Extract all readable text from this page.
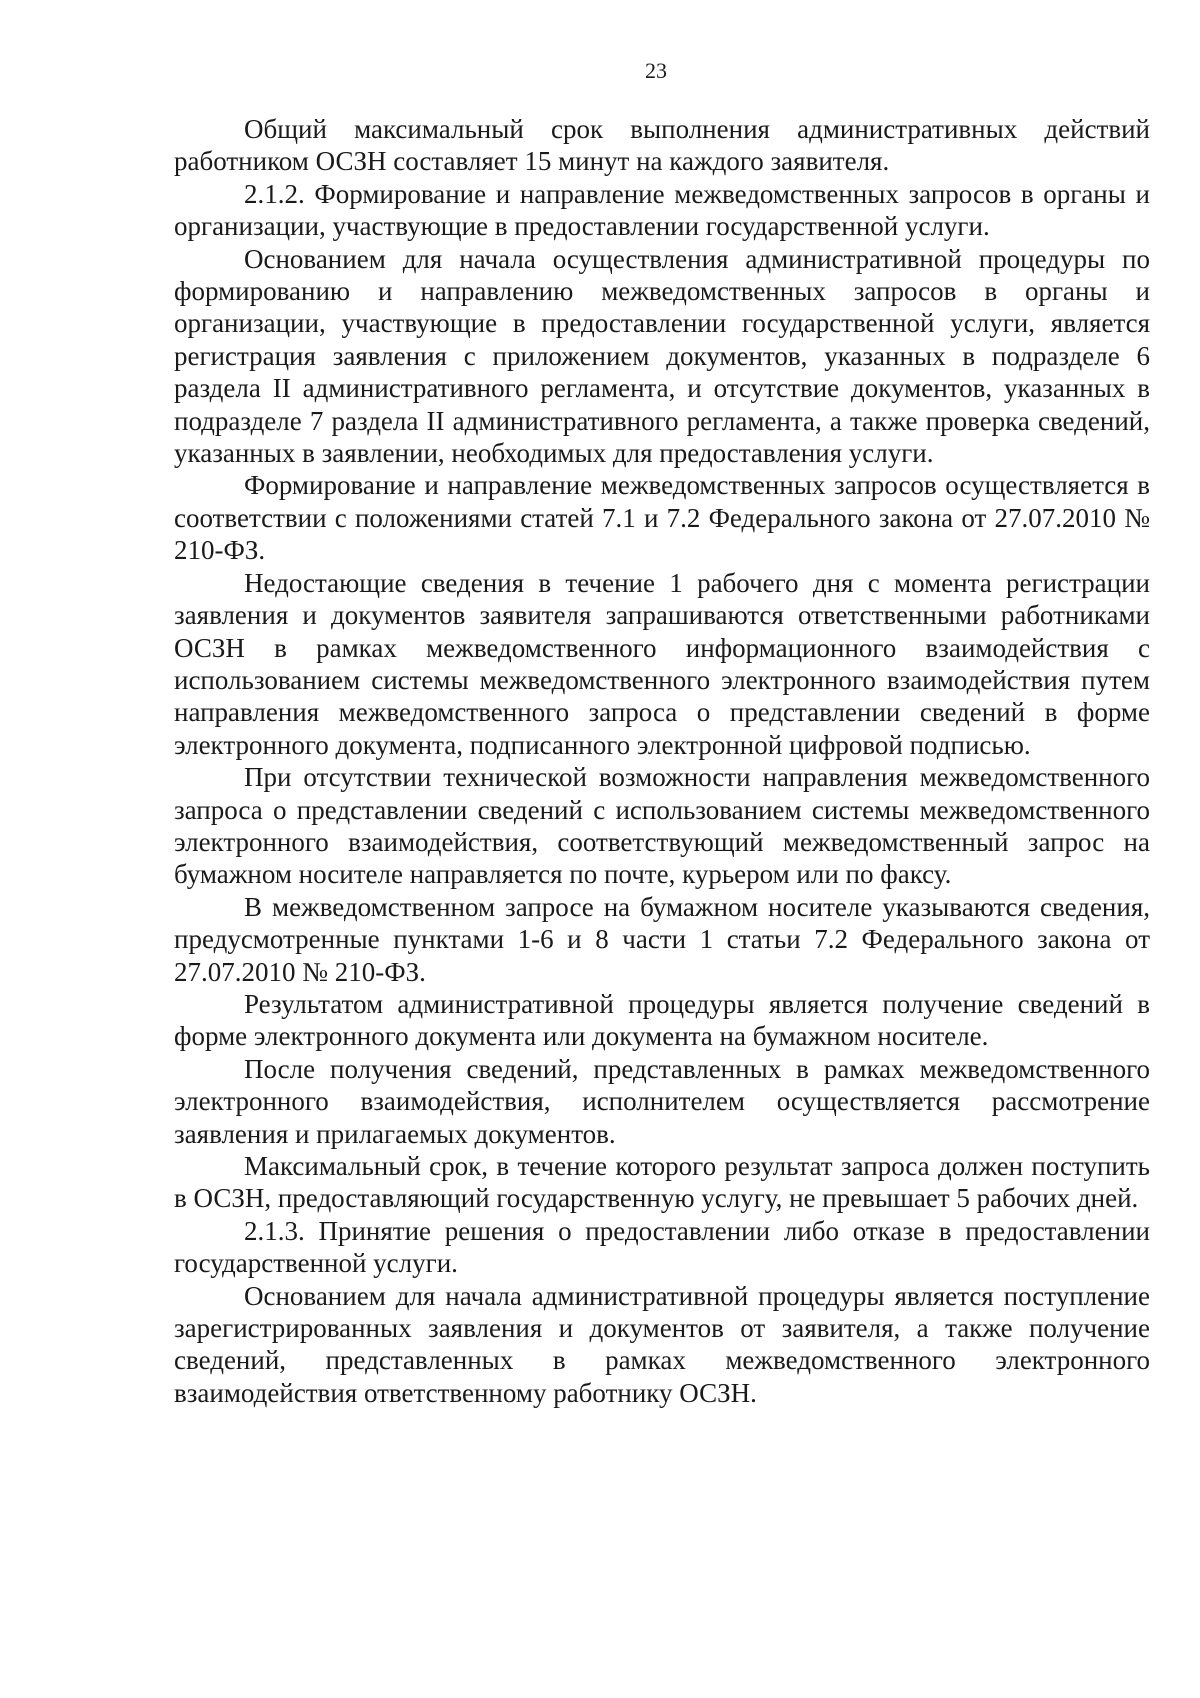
23

Общий максимальный срок выполнения административных действий работником ОСЗН составляет 15 минут на каждого заявителя.

2.1.2. Формирование и направление межведомственных запросов в органы и организации, участвующие в предоставлении государственной услуги.

Основанием для начала осуществления административной процедуры по формированию и направлению межведомственных запросов в органы и организации, участвующие в предоставлении государственной услуги, является регистрация заявления с приложением документов, указанных в подразделе 6 раздела II административного регламента, и отсутствие документов, указанных в подразделе 7 раздела II административного регламента, а также проверка сведений, указанных в заявлении, необходимых для предоставления услуги.

Формирование и направление межведомственных запросов осуществляется в соответствии с положениями статей 7.1 и 7.2 Федерального закона от 27.07.2010 № 210-ФЗ.

Недостающие сведения в течение 1 рабочего дня с момента регистрации заявления и документов заявителя запрашиваются ответственными работниками ОСЗН в рамках межведомственного информационного взаимодействия с использованием системы межведомственного электронного взаимодействия путем направления межведомственного запроса о представлении сведений в форме электронного документа, подписанного электронной цифровой подписью.

При отсутствии технической возможности направления межведомственного запроса о представлении сведений с использованием системы межведомственного электронного взаимодействия, соответствующий межведомственный запрос на бумажном носителе направляется по почте, курьером или по факсу.

В межведомственном запросе на бумажном носителе указываются сведения, предусмотренные пунктами 1-6 и 8 части 1 статьи 7.2 Федерального закона от 27.07.2010 № 210-ФЗ.

Результатом административной процедуры является получение сведений в форме электронного документа или документа на бумажном носителе.

После получения сведений, представленных в рамках межведомственного электронного взаимодействия, исполнителем осуществляется рассмотрение заявления и прилагаемых документов.

Максимальный срок, в течение которого результат запроса должен поступить в ОСЗН, предоставляющий государственную услугу, не превышает 5 рабочих дней.

2.1.3. Принятие решения о предоставлении либо отказе в предоставлении государственной услуги.

Основанием для начала административной процедуры является поступление зарегистрированных заявления и документов от заявителя, а также получение сведений, представленных в рамках межведомственного электронного взаимодействия ответственному работнику ОСЗН.
